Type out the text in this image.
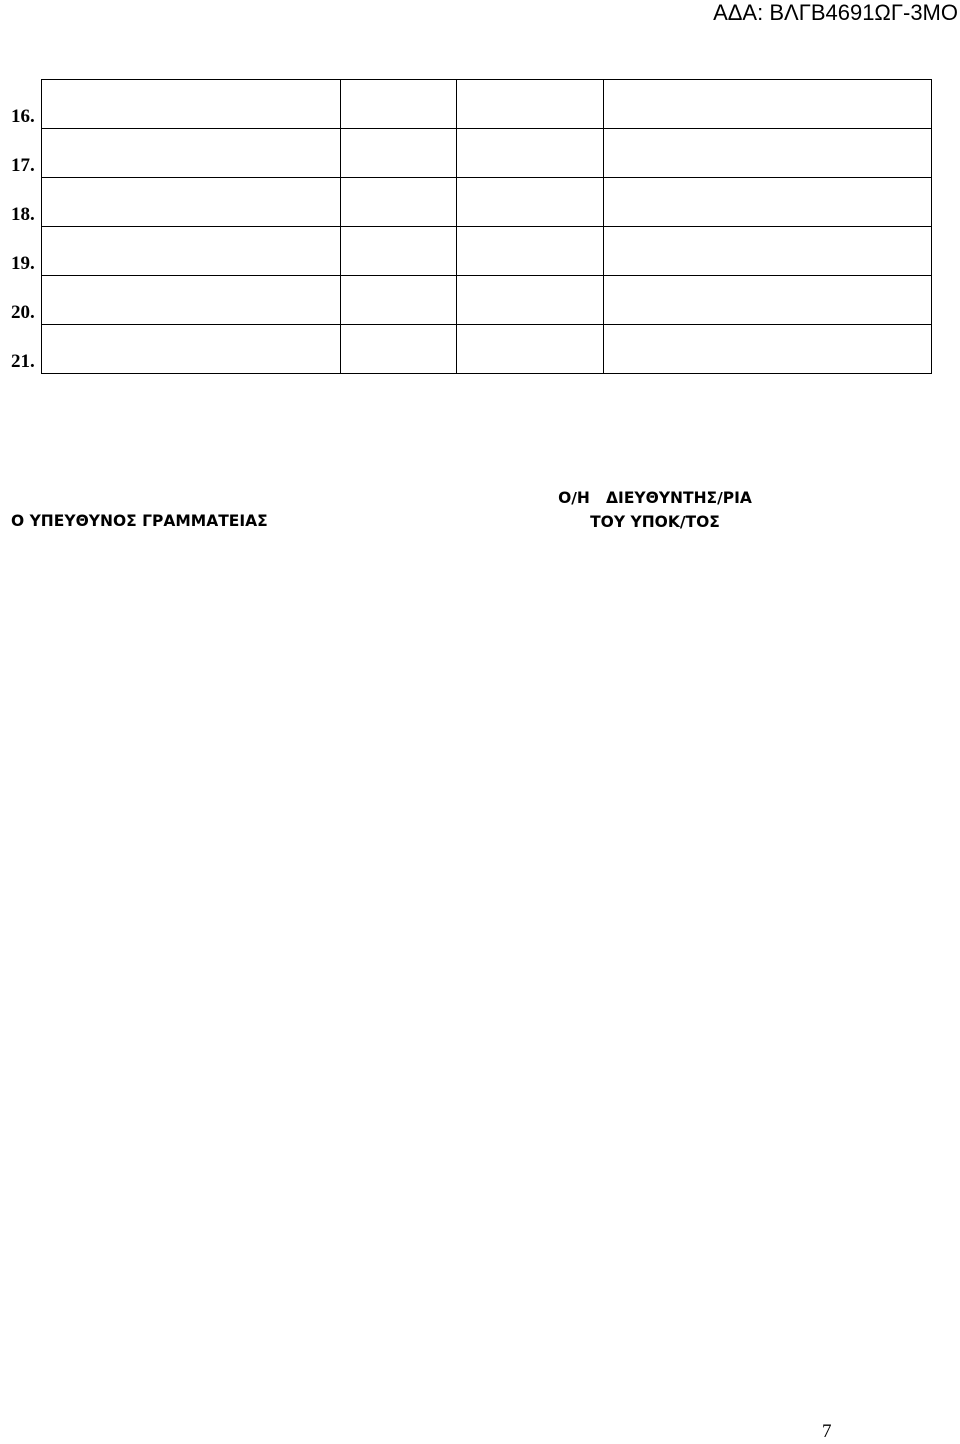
ΑΔΑ: ΒΛΓΒ4691ΩΓ-3ΜΟ
16.				
17.				
18.				
19.				
20.				
21.				
Ο ΥΠΕΥΘΥΝΟΣ ΓΡΑΜΜΑΤΕΙΑΣ
Ο/Η   ΔΙΕΥΘΥΝΤΗΣ/ΡΙΑ
ΤΟΥ ΥΠΟΚ/ΤΟΣ
7
